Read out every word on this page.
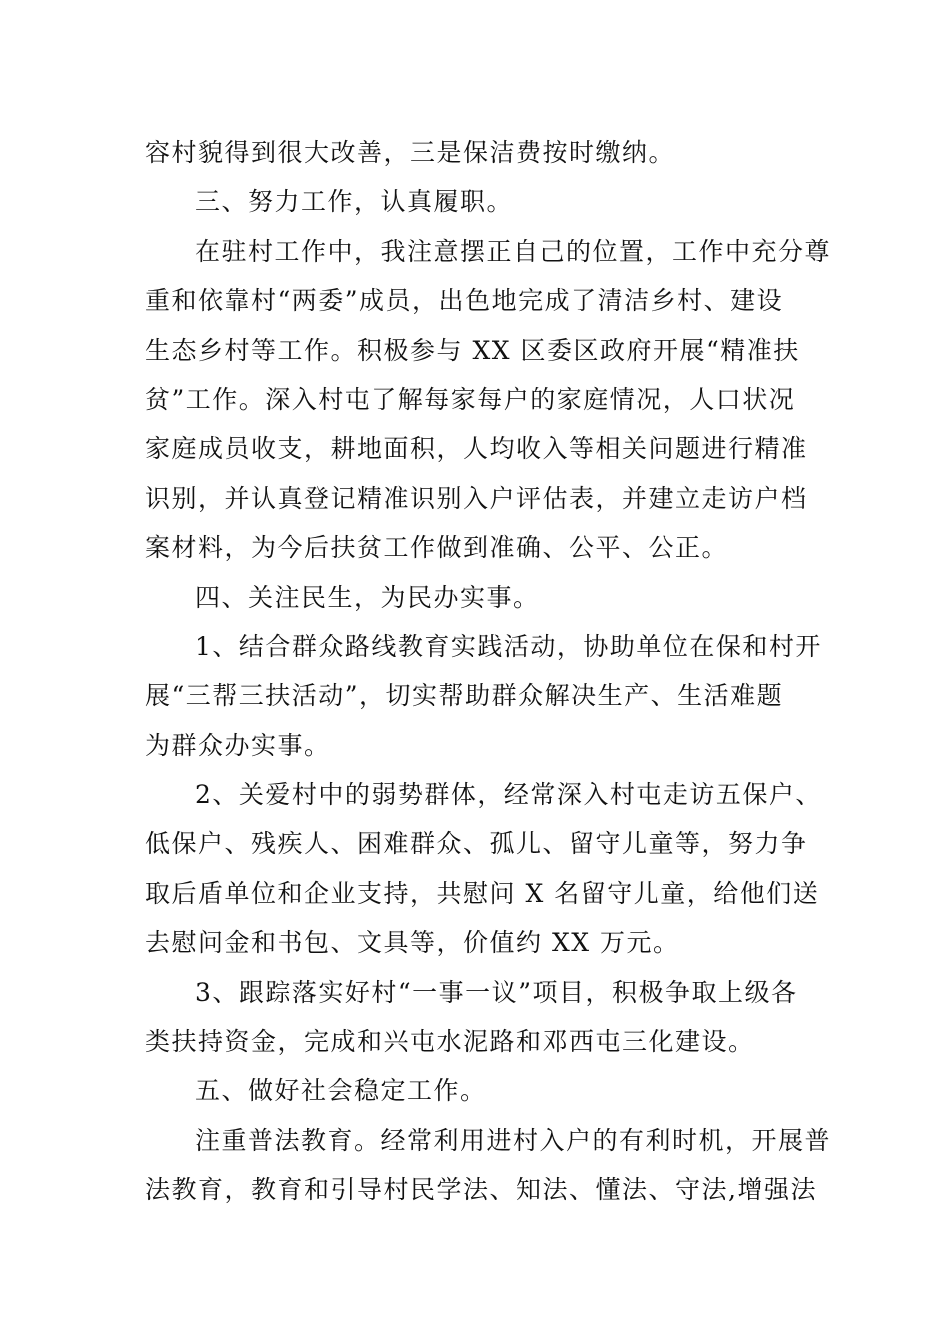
容村貌得到很大改善，三是保洁费按时缴纳。

三、努力工作，认真履职。

在驻村工作中，我注意摆正自己的位置，工作中充分尊

重和依靠村“两委”成员，出色地完成了清洁乡村、建设

生态乡村等工作。积极参与 XX 区委区政府开展“精准扶

贫”工作。深入村屯了解每家每户的家庭情况，人口状况

家庭成员收支，耕地面积，人均收入等相关问题进行精准

识别，并认真登记精准识别入户评估表，并建立走访户档

案材料，为今后扶贫工作做到准确、公平、公正。

四、关注民生，为民办实事。

1、结合群众路线教育实践活动，协助单位在保和村开

展“三帮三扶活动”，切实帮助群众解决生产、生活难题

为群众办实事。

2、关爱村中的弱势群体，经常深入村屯走访五保户、

低保户、残疾人、困难群众、孤儿、留守儿童等，努力争

取后盾单位和企业支持，共慰问 X 名留守儿童，给他们送

去慰问金和书包、文具等，价值约 XX 万元。

3、跟踪落实好村“一事一议”项目，积极争取上级各

类扶持资金，完成和兴屯水泥路和邓西屯三化建设。

五、做好社会稳定工作。

注重普法教育。经常利用进村入户的有利时机，开展普

法教育，教育和引导村民学法、知法、懂法、守法,增强法
